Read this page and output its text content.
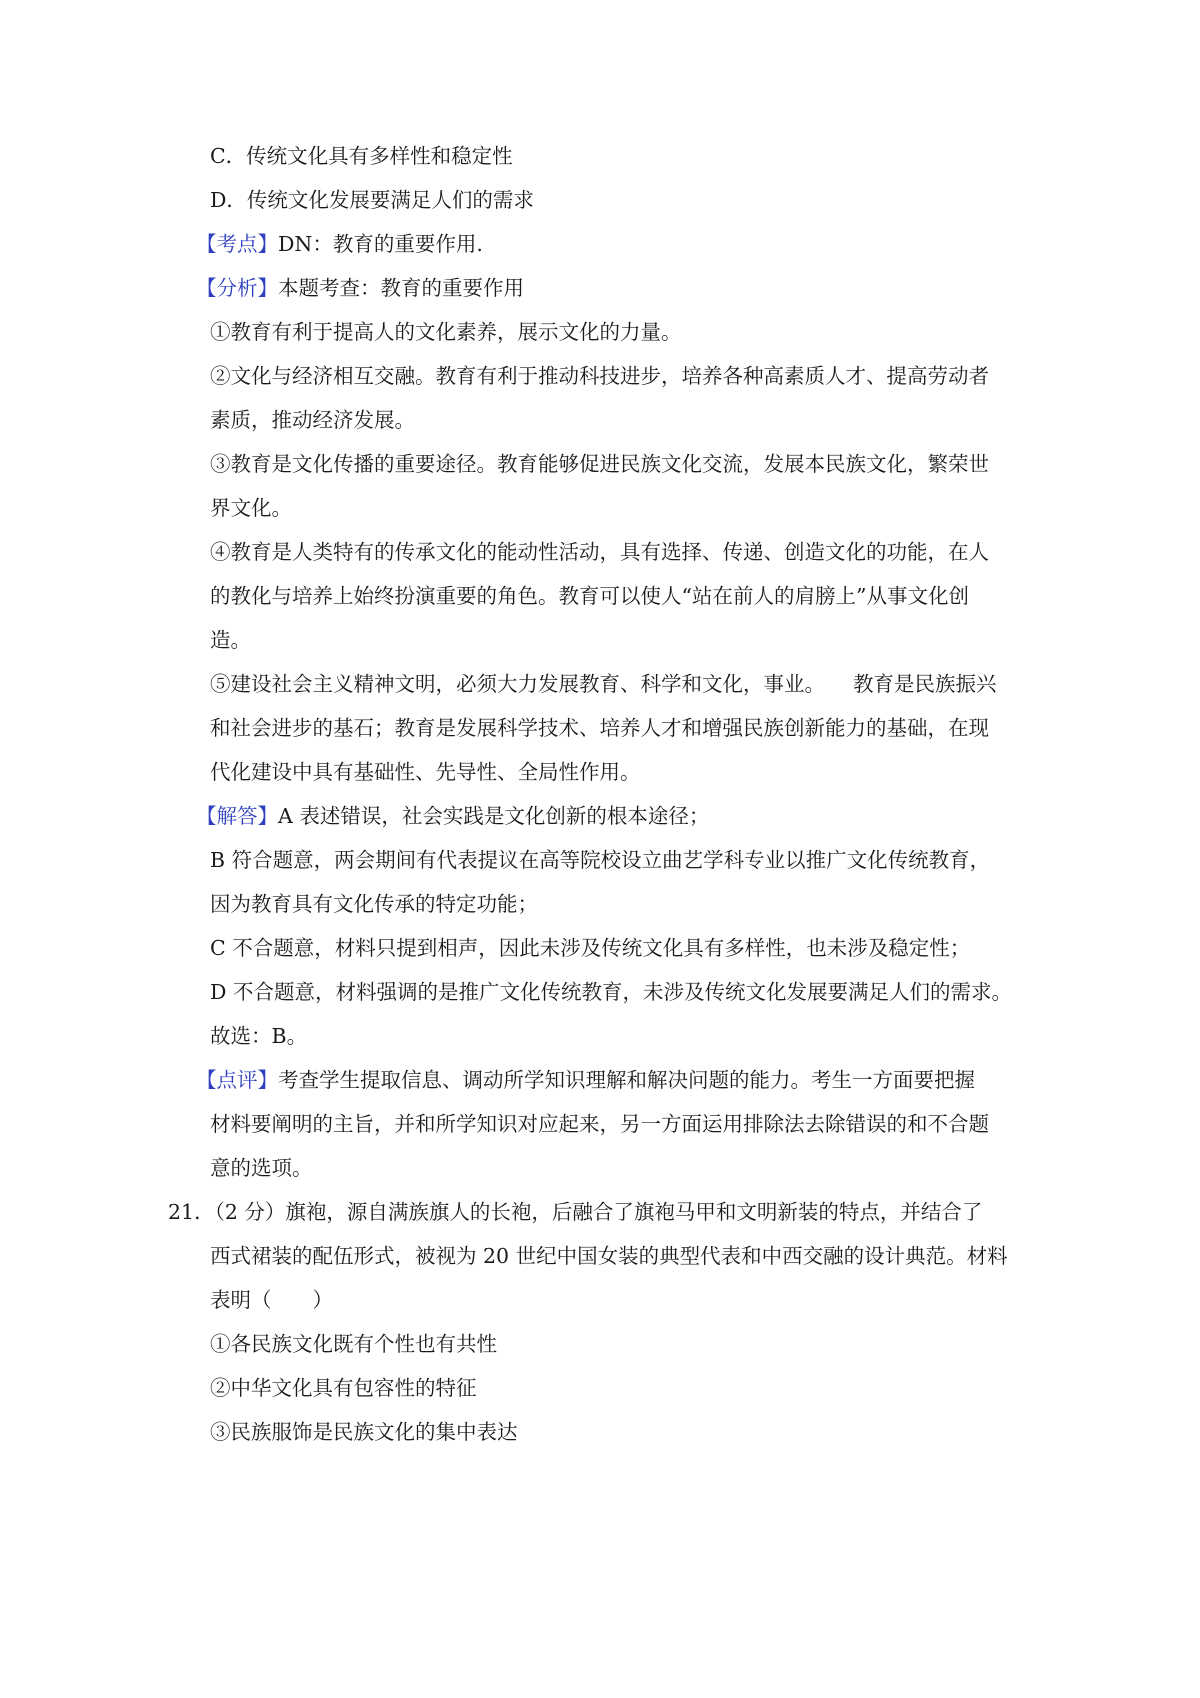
C．传统文化具有多样性和稳定性
D．传统文化发展要满足人们的需求
【考点】DN：教育的重要作用.
【分析】本题考查：教育的重要作用
①教育有利于提高人的文化素养，展示文化的力量。
②文化与经济相互交融。教育有利于推动科技进步，培养各种高素质人才、提高劳动者
素质，推动经济发展。
③教育是文化传播的重要途径。教育能够促进民族文化交流，发展本民族文化，繁荣世
界文化。
④教育是人类特有的传承文化的能动性活动，具有选择、传递、创造文化的功能，在人
的教化与培养上始终扮演重要的角色。教育可以使人“站在前人的肩膀上”从事文化创
造。
⑤建设社会主义精神文明，必须大力发展教育、科学和文化，事业。 教育是民族振兴
和社会进步的基石；教育是发展科学技术、培养人才和增强民族创新能力的基础，在现
代化建设中具有基础性、先导性、全局性作用。
【解答】A 表述错误，社会实践是文化创新的根本途径；
B 符合题意，两会期间有代表提议在高等院校设立曲艺学科专业以推广文化传统教育，
因为教育具有文化传承的特定功能；
C 不合题意，材料只提到相声，因此未涉及传统文化具有多样性，也未涉及稳定性；
D 不合题意，材料强调的是推广文化传统教育，未涉及传统文化发展要满足人们的需求。
故选：B。
【点评】考查学生提取信息、调动所学知识理解和解决问题的能力。考生一方面要把握
材料要阐明的主旨，并和所学知识对应起来，另一方面运用排除法去除错误的和不合题
意的选项。
21．（2 分）旗袍，源自满族旗人的长袍，后融合了旗袍马甲和文明新装的特点，并结合了
西式裙装的配伍形式，被视为 20 世纪中国女装的典型代表和中西交融的设计典范。材料
表明（　　）
①各民族文化既有个性也有共性
②中华文化具有包容性的特征
③民族服饰是民族文化的集中表达
